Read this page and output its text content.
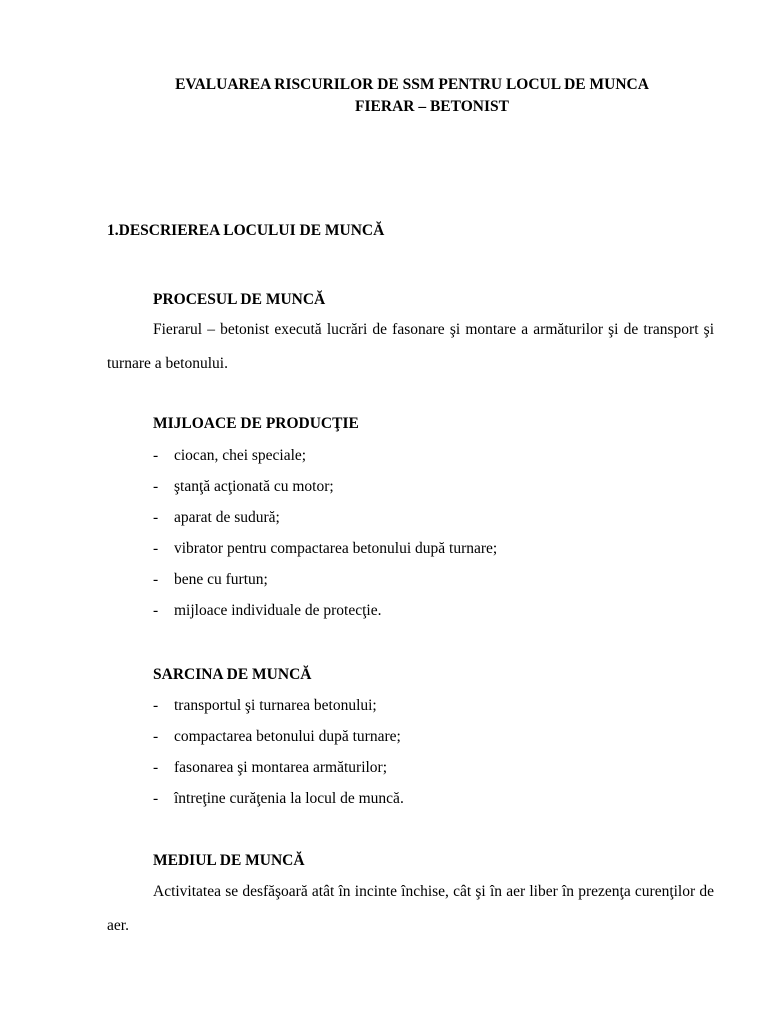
EVALUAREA RISCURILOR DE SSM PENTRU LOCUL DE MUNCA
FIERAR – BETONIST
1.DESCRIEREA LOCULUI DE MUNCĂ
PROCESUL DE MUNCĂ

Fierarul – betonist execută lucrări de fasonare şi montare a armăturilor şi de transport şi turnare a betonului.

MIJLOACE DE PRODUCŢIE
- ciocan, chei speciale;
- ştanţă acţionată cu motor;
- aparat de sudură;
- vibrator pentru compactarea betonului după turnare;
- bene cu furtun;
- mijloace individuale de protecţie.
SARCINA DE MUNCĂ
- transportul şi turnarea betonului;
- compactarea betonului după turnare;
- fasonarea şi montarea armăturilor;
- întreţine curăţenia la locul de muncă.
MEDIUL DE MUNCĂ

Activitatea se desfăşoară atât în incinte închise, cât şi în aer liber în prezenţa curenţilor de aer.
